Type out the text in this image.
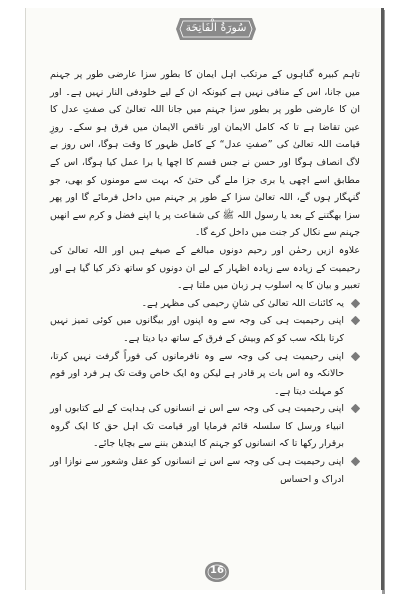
سُورَةُ الْفَاتِحَة

تاہم کبیرہ گناہوں کے مرتکب اہل ایمان کا بطور سزا عارضی طور پر جہنم میں جانا، اس کے منافی نہیں ہے کیونکہ ان کے لیے خلودفی النار نہیں ہے۔ اور ان کا عارضی طور پر بطور سزا جہنم میں جانا اللہ تعالیٰ کی صفتِ عدل کا عین تقاضا ہے تا کہ کامل الایمان اور ناقص الایمان میں فرق ہو سکے۔ روزِ قیامت اللہ تعالیٰ کی ”صفتِ عدل“ کے کامل ظہور کا وقت ہوگا، اس روز بے لاگ انصاف ہوگا اور حسن نے جس قسم کا اچھا یا برا عمل کیا ہوگا، اس کے مطابق اسے اچھی یا بری جزا ملے گی حتیٰ کہ بہت سے مومنوں کو بھی، جو گنہگار ہوں گے، اللہ تعالیٰ سزا کے طور پر جہنم میں داخل فرمائے گا اور پھر سزا بھگتنے کے بعد یا رسول اللہ ﷺ کی شفاعت پر یا اپنے فضل و کرم سے انھیں جہنم سے نکال کر جنت میں داخل کرے گا۔

علاوہ ازیں رحمٰن اور رحیم دونوں مبالغے کے صیغے ہیں اور اللہ تعالیٰ کی رحیمیت کے زیادہ سے زیادہ اظہار کے لیے ان دونوں کو ساتھ ذکر کیا گیا ہے اور تعبیر و بیان کا یہ اسلوب ہر زبان میں ملتا ہے۔

یہ کائنات اللہ تعالیٰ کی شانِ رحیمی کی مظہر ہے۔
اپنی رحیمیت ہی کی وجہ سے وہ اپنوں اور بیگانوں میں کوئی تمیز نہیں کرتا بلکہ سب کو کم وبیش کے فرق کے ساتھ دیا دیتا ہے۔
اپنی رحیمیت ہی کی وجہ سے وہ نافرمانوں کی فوراً گرفت نہیں کرتا، حالانکہ وہ اس بات پر قادر ہے لیکن وہ ایک خاص وقت تک ہر فرد اور قوم کو مہلت دیتا ہے۔
اپنی رحیمیت ہی کی وجہ سے اس نے انسانوں کی ہدایت کے لیے کتابوں اور انبیاء ورسل کا سلسلہ قائم فرمایا اور قیامت تک اہل حق کا ایک گروہ برقرار رکھا تا کہ انسانوں کو جہنم کا ایندھن بننے سے بچایا جائے۔
اپنی رحیمیت ہی کی وجہ سے اس نے انسانوں کو عقل وشعور سے نوازا اور ادراک و احساس
16
